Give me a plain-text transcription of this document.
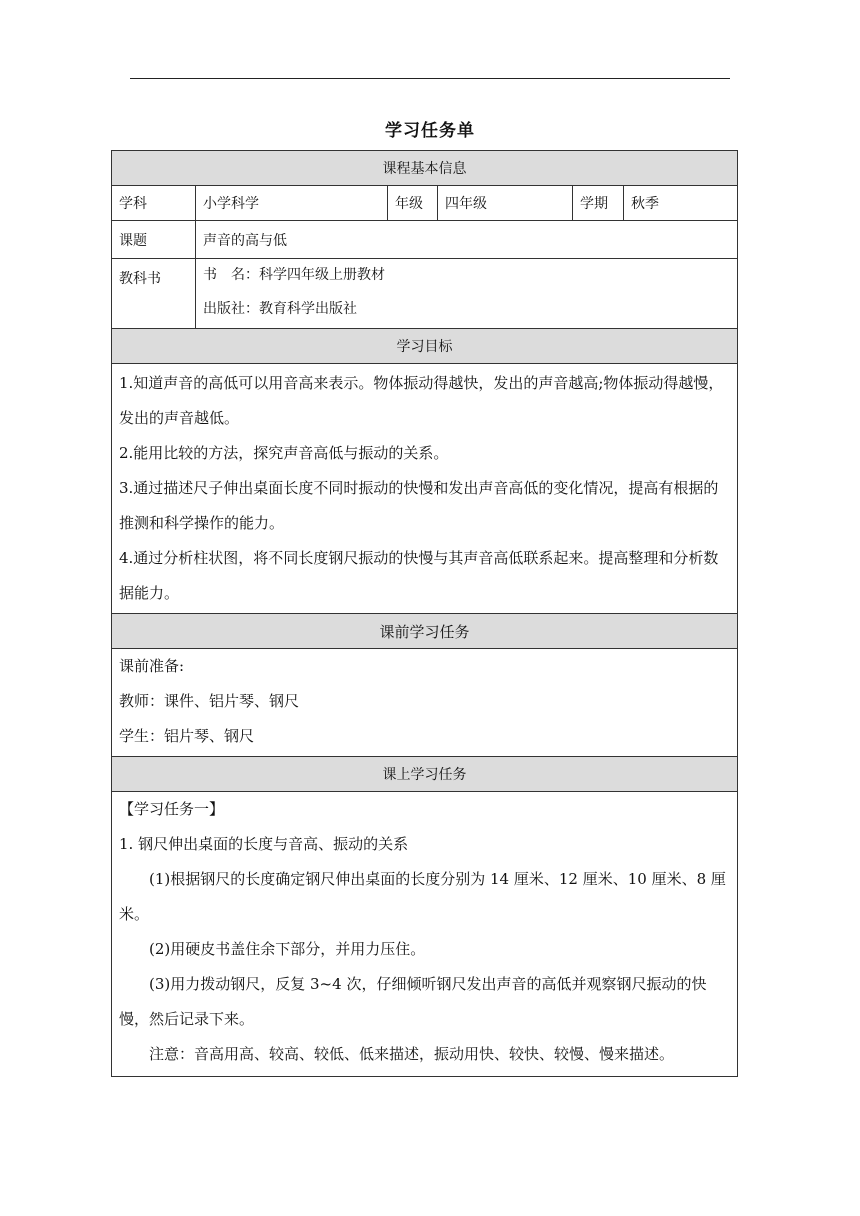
学习任务单
课程基本信息
学科	小学科学	年级	四年级	学期	秋季
课题	声音的高与低
教科书	书　名：科学四年级上册教材
出版社：教育科学出版社
学习目标

1.知道声音的高低可以用音高来表示。物体振动得越快，发出的声音越高;物体振动得越慢，发出的声音越低。

2.能用比较的方法，探究声音高低与振动的关系。

3.通过描述尺子伸出桌面长度不同时振动的快慢和发出声音高低的变化情况，提高有根据的推测和科学操作的能力。

4.通过分析柱状图，将不同长度钢尺振动的快慢与其声音高低联系起来。提高整理和分析数据能力。

课前学习任务

课前准备:

教师：课件、铝片琴、钢尺

学生：铝片琴、钢尺

课上学习任务

【学习任务一】

1. 钢尺伸出桌面的长度与音高、振动的关系

(1)根据钢尺的长度确定钢尺伸出桌面的长度分别为 14 厘米、12 厘米、10 厘米、8 厘米。

(2)用硬皮书盖住余下部分，并用力压住。

(3)用力拨动钢尺，反复 3~4 次，仔细倾听钢尺发出声音的高低并观察钢尺振动的快慢，然后记录下来。

注意：音高用高、较高、较低、低来描述，振动用快、较快、较慢、慢来描述。
